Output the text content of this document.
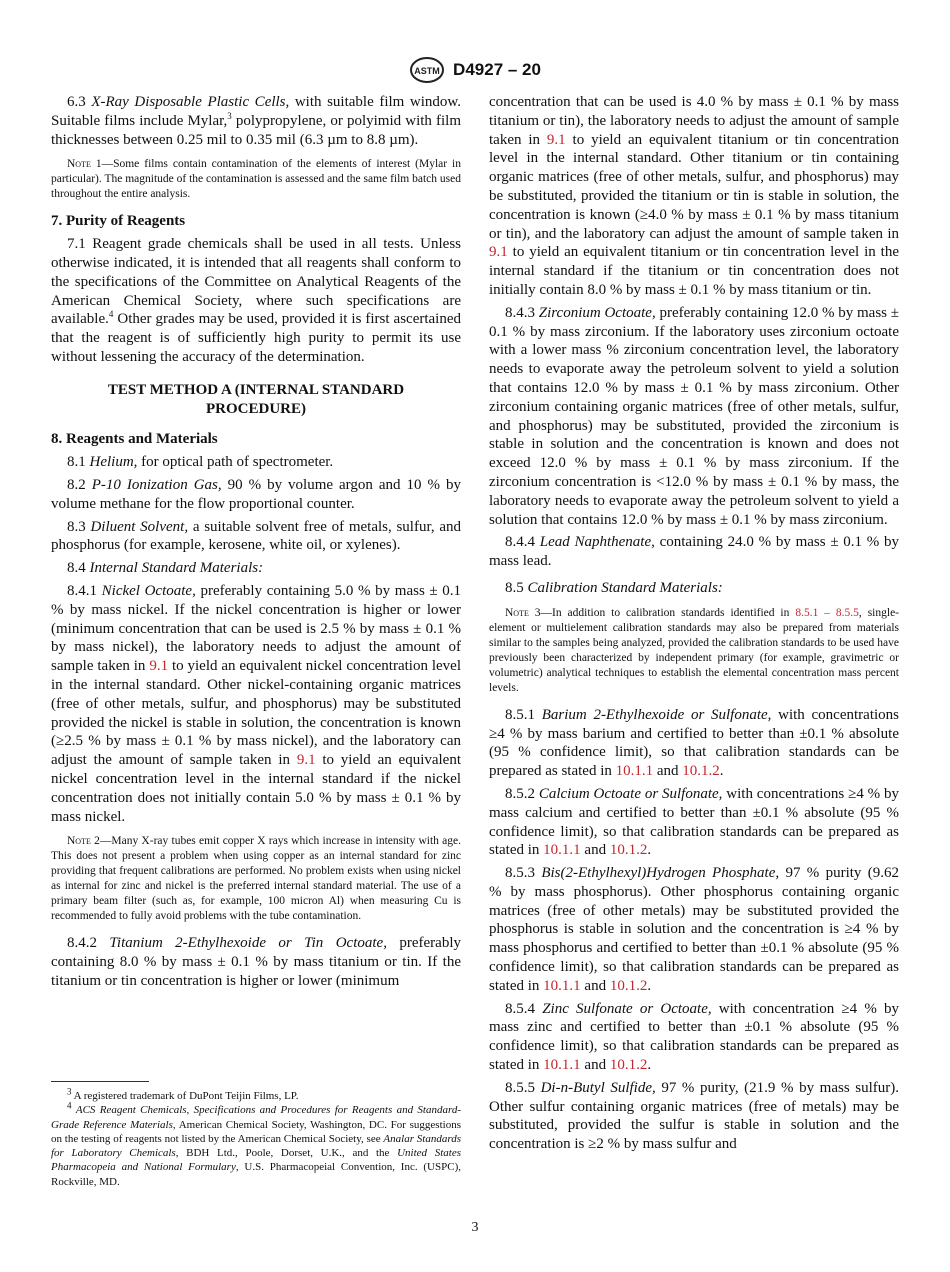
ASTM D4927 – 20

6.3 X-Ray Disposable Plastic Cells, with suitable film window. Suitable films include Mylar,$^3$ polypropylene, or polyimid with film thicknesses between 0.25 mil to 0.35 mil (6.3 µm to 8.8 µm).

Note 1—Some films contain contamination of the elements of interest (Mylar in particular). The magnitude of the contamination is assessed and the same film batch used throughout the entire analysis.
7. Purity of Reagents

7.1 Reagent grade chemicals shall be used in all tests. Unless otherwise indicated, it is intended that all reagents shall conform to the specifications of the Committee on Analytical Reagents of the American Chemical Society, where such specifications are available.$^4$ Other grades may be used, provided it is first ascertained that the reagent is of sufficiently high purity to permit its use without lessening the accuracy of the determination.

TEST METHOD A (INTERNAL STANDARD PROCEDURE)
8. Reagents and Materials

8.1 Helium, for optical path of spectrometer.

8.2 P-10 Ionization Gas, 90 % by volume argon and 10 % by volume methane for the flow proportional counter.

8.3 Diluent Solvent, a suitable solvent free of metals, sulfur, and phosphorus (for example, kerosene, white oil, or xylenes).

8.4 Internal Standard Materials:

8.4.1 Nickel Octoate, preferably containing 5.0 % by mass ± 0.1 % by mass nickel. If the nickel concentration is higher or lower (minimum concentration that can be used is 2.5 % by mass ± 0.1 % by mass nickel), the laboratory needs to adjust the amount of sample taken in 9.1 to yield an equivalent nickel concentration level in the internal standard. Other nickel-containing organic matrices (free of other metals, sulfur, and phosphorus) may be substituted provided the nickel is stable in solution, the concentration is known (≥2.5 % by mass ± 0.1 % by mass nickel), and the laboratory can adjust the amount of sample taken in 9.1 to yield an equivalent nickel concentration level in the internal standard if the nickel concentration does not initially contain 5.0 % by mass ± 0.1 % by mass nickel.

Note 2—Many X-ray tubes emit copper X rays which increase in intensity with age. This does not present a problem when using copper as an internal standard for zinc providing that frequent calibrations are performed. No problem exists when using nickel as internal for zinc and nickel is the preferred internal standard material. The use of a primary beam filter (such as, for example, 100 micron Al) when measuring Cu is recommended to fully avoid problems with the tube contamination.

8.4.2 Titanium 2-Ethylhexoide or Tin Octoate, preferably containing 8.0 % by mass ± 0.1 % by mass titanium or tin. If the titanium or tin concentration is higher or lower (minimum

$^3$ A registered trademark of DuPont Teijin Films, LP.

$^4$ ACS Reagent Chemicals, Specifications and Procedures for Reagents and Standard-Grade Reference Materials, American Chemical Society, Washington, DC. For suggestions on the testing of reagents not listed by the American Chemical Society, see Analar Standards for Laboratory Chemicals, BDH Ltd., Poole, Dorset, U.K., and the United States Pharmacopeia and National Formulary, U.S. Pharmacopeial Convention, Inc. (USPC), Rockville, MD.

concentration that can be used is 4.0 % by mass ± 0.1 % by mass titanium or tin), the laboratory needs to adjust the amount of sample taken in 9.1 to yield an equivalent titanium or tin concentration level in the internal standard. Other titanium or tin containing organic matrices (free of other metals, sulfur, and phosphorus) may be substituted, provided the titanium or tin is stable in solution, the concentration is known (≥4.0 % by mass ± 0.1 % by mass titanium or tin), and the laboratory can adjust the amount of sample taken in 9.1 to yield an equivalent titanium or tin concentration level in the internal standard if the titanium or tin concentration does not initially contain 8.0 % by mass ± 0.1 % by mass titanium or tin.

8.4.3 Zirconium Octoate, preferably containing 12.0 % by mass ± 0.1 % by mass zirconium. If the laboratory uses zirconium octoate with a lower mass % zirconium concentration level, the laboratory needs to evaporate away the petroleum solvent to yield a solution that contains 12.0 % by mass ± 0.1 % by mass zirconium. Other zirconium containing organic matrices (free of other metals, sulfur, and phosphorus) may be substituted, provided the zirconium is stable in solution and the concentration is known and does not exceed 12.0 % by mass ± 0.1 % by mass zirconium. If the zirconium concentration is <12.0 % by mass ± 0.1 % by mass, the laboratory needs to evaporate away the petroleum solvent to yield a solution that contains 12.0 % by mass ± 0.1 % by mass zirconium.

8.4.4 Lead Naphthenate, containing 24.0 % by mass ± 0.1 % by mass lead.

8.5 Calibration Standard Materials:

Note 3—In addition to calibration standards identified in 8.5.1 – 8.5.5, single-element or multielement calibration standards may also be prepared from materials similar to the samples being analyzed, provided the calibration standards to be used have previously been characterized by independent primary (for example, gravimetric or volumetric) analytical techniques to establish the elemental concentration mass percent levels.

8.5.1 Barium 2-Ethylhexoide or Sulfonate, with concentrations ≥4 % by mass barium and certified to better than ±0.1 % absolute (95 % confidence limit), so that calibration standards can be prepared as stated in 10.1.1 and 10.1.2.

8.5.2 Calcium Octoate or Sulfonate, with concentrations ≥4 % by mass calcium and certified to better than ±0.1 % absolute (95 % confidence limit), so that calibration standards can be prepared as stated in 10.1.1 and 10.1.2.

8.5.3 Bis(2-Ethylhexyl)Hydrogen Phosphate, 97 % purity (9.62 % by mass phosphorus). Other phosphorus containing organic matrices (free of other metals) may be substituted provided the phosphorus is stable in solution and the concentration is ≥4 % by mass phosphorus and certified to better than ±0.1 % absolute (95 % confidence limit), so that calibration standards can be prepared as stated in 10.1.1 and 10.1.2.

8.5.4 Zinc Sulfonate or Octoate, with concentration ≥4 % by mass zinc and certified to better than ±0.1 % absolute (95 % confidence limit), so that calibration standards can be prepared as stated in 10.1.1 and 10.1.2.

8.5.5 Di-n-Butyl Sulfide, 97 % purity, (21.9 % by mass sulfur). Other sulfur containing organic matrices (free of metals) may be substituted, provided the sulfur is stable in solution and the concentration is ≥2 % by mass sulfur and

3
